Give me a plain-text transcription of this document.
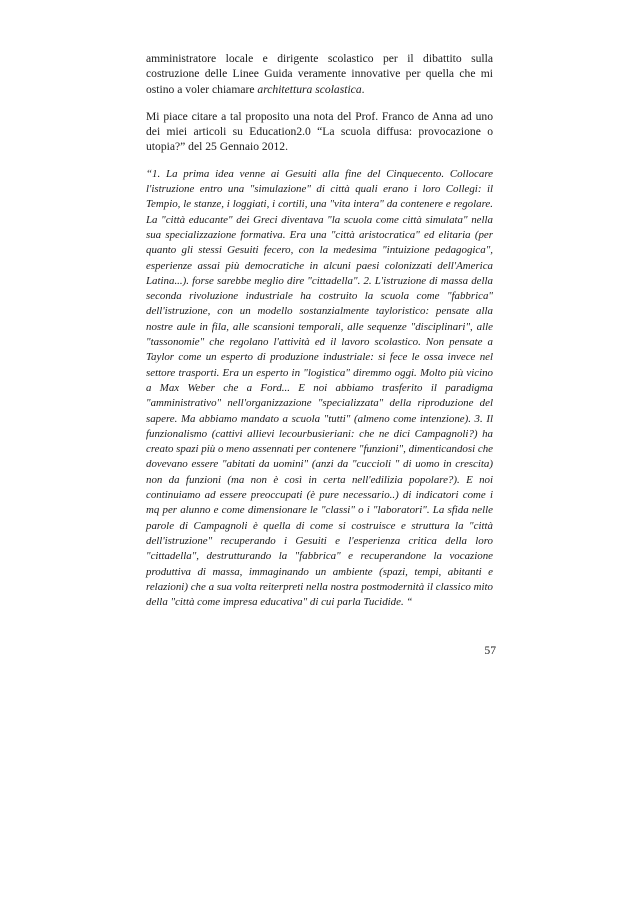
amministratore locale e dirigente scolastico per il dibattito sulla costruzione delle Linee Guida veramente innovative per quella che mi ostino a voler chiamare architettura scolastica.

Mi piace citare a tal proposito una nota del Prof. Franco de Anna ad uno dei miei articoli su Education2.0 “La scuola diffusa: provocazione o utopia?” del 25 Gennaio 2012.

“1. La prima idea venne ai Gesuiti alla fine del Cinquecento. Collocare l'istruzione entro una "simulazione" di città quali erano i loro Collegi: il Tempio, le stanze, i loggiati, i cortili, una "vita intera" da contenere e regolare. La "città educante" dei Greci diventava "la scuola come città simulata" nella sua specializzazione formativa. Era una "città aristocratica" ed elitaria (per quanto gli stessi Gesuiti fecero, con la medesima "intuizione pedagogica", esperienze assai più democratiche in alcuni paesi colonizzati dell'America Latina...). forse sarebbe meglio dire "cittadella". 2. L'istruzione di massa della seconda rivoluzione industriale ha costruito la scuola come "fabbrica" dell'istruzione, con un modello sostanzialmente tayloristico: pensate alla nostre aule in fila, alle scansioni temporali, alle sequenze "disciplinari", alle "tassonomie" che regolano l'attività ed il lavoro scolastico. Non pensate a Taylor come un esperto di produzione industriale: si fece le ossa invece nel settore trasporti. Era un esperto in "logistica" diremmo oggi. Molto più vicino a Max Weber che a Ford... E noi abbiamo trasferito il paradigma "amministrativo" nell'organizzazione "specializzata" della riproduzione del sapere. Ma abbiamo mandato a scuola "tutti" (almeno come intenzione). 3. Il funzionalismo (cattivi allievi lecourbusieriani: che ne dici Campagnoli?) ha creato spazi più o meno assennati per contenere "funzioni", dimenticandosi che dovevano essere "abitati da uomini" (anzi da "cuccioli " di uomo in crescita) non da funzioni (ma non è così in certa nell'edilizia popolare?). E noi continuiamo ad essere preoccupati (è pure necessario..) di indicatori come i mq per alunno e come dimensionare le "classi" o i "laboratori". La sfida nelle parole di Campagnoli è quella di come si costruisce e struttura la "città dell'istruzione" recuperando i Gesuiti e l'esperienza critica della loro "cittadella", destrutturando la "fabbrica" e recuperandone la vocazione produttiva di massa, immaginando un ambiente (spazi, tempi, abitanti e relazioni) che a sua volta reiterpreti nella nostra postmodernità il classico mito della "città come impresa educativa" di cui parla Tucidide. “

57
